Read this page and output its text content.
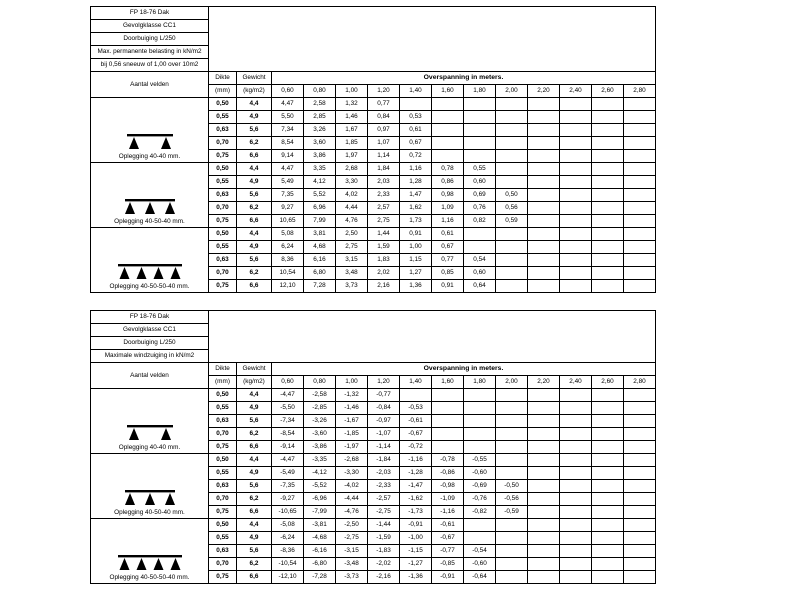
FP 18-76 Dak														
Gevolgklasse CC1														
Doorbuiging L/250														
Max. permanente belasting in kN/m2														
bij 0,56 sneeuw of 1,00 over 10m2														
Aantal velden	Dikte	Gewicht	Overspanning in meters.											
	(mm)	(kg/m2)	0,60	0,80	1,00	1,20	1,40	1,60	1,80	2,00	2,20	2,40	2,60	2,80

Oplegging 40-40 mm.	0,50	4,4	4,47	2,58	1,32	0,77								
	0,55	4,9	5,50	2,85	1,46	0,84	0,53							
	0,63	5,6	7,34	3,26	1,67	0,97	0,61							
	0,70	6,2	8,54	3,60	1,85	1,07	0,67							
	0,75	6,6	9,14	3,86	1,97	1,14	0,72							

Oplegging 40-50-40 mm.	0,50	4,4	4,47	3,35	2,68	1,84	1,16	0,78	0,55					
	0,55	4,9	5,49	4,12	3,30	2,03	1,28	0,86	0,60					
	0,63	5,6	7,35	5,52	4,02	2,33	1,47	0,98	0,69	0,50				
	0,70	6,2	9,27	6,96	4,44	2,57	1,62	1,09	0,76	0,56				
	0,75	6,6	10,65	7,99	4,76	2,75	1,73	1,16	0,82	0,59				

Oplegging 40-50-50-40 mm.	0,50	4,4	5,08	3,81	2,50	1,44	0,91	0,61						
	0,55	4,9	6,24	4,68	2,75	1,59	1,00	0,67						
	0,63	5,6	8,36	6,16	3,15	1,83	1,15	0,77	0,54					
	0,70	6,2	10,54	6,80	3,48	2,02	1,27	0,85	0,60					
	0,75	6,6	12,10	7,28	3,73	2,16	1,36	0,91	0,64					
FP 18-76 Dak														
Gevolgklasse CC1														
Doorbuiging L/250														
Maximale windzuiging in kN/m2														
Aantal velden	Dikte	Gewicht	Overspanning in meters.											
	(mm)	(kg/m2)	0,60	0,80	1,00	1,20	1,40	1,60	1,80	2,00	2,20	2,40	2,60	2,80

Oplegging 40-40 mm.	0,50	4,4	-4,47	-2,58	-1,32	-0,77								
	0,55	4,9	-5,50	-2,85	-1,46	-0,84	-0,53							
	0,63	5,6	-7,34	-3,26	-1,67	-0,97	-0,61							
	0,70	6,2	-8,54	-3,60	-1,85	-1,07	-0,67							
	0,75	6,6	-9,14	-3,86	-1,97	-1,14	-0,72							

Oplegging 40-50-40 mm.	0,50	4,4	-4,47	-3,35	-2,68	-1,84	-1,16	-0,78	-0,55					
	0,55	4,9	-5,49	-4,12	-3,30	-2,03	-1,28	-0,86	-0,60					
	0,63	5,6	-7,35	-5,52	-4,02	-2,33	-1,47	-0,98	-0,69	-0,50				
	0,70	6,2	-9,27	-6,96	-4,44	-2,57	-1,62	-1,09	-0,76	-0,56				
	0,75	6,6	-10,65	-7,99	-4,76	-2,75	-1,73	-1,16	-0,82	-0,59				

Oplegging 40-50-50-40 mm.	0,50	4,4	-5,08	-3,81	-2,50	-1,44	-0,91	-0,61						
	0,55	4,9	-6,24	-4,68	-2,75	-1,59	-1,00	-0,67						
	0,63	5,6	-8,36	-6,16	-3,15	-1,83	-1,15	-0,77	-0,54					
	0,70	6,2	-10,54	-6,80	-3,48	-2,02	-1,27	-0,85	-0,60					
	0,75	6,6	-12,10	-7,28	-3,73	-2,16	-1,36	-0,91	-0,64					
